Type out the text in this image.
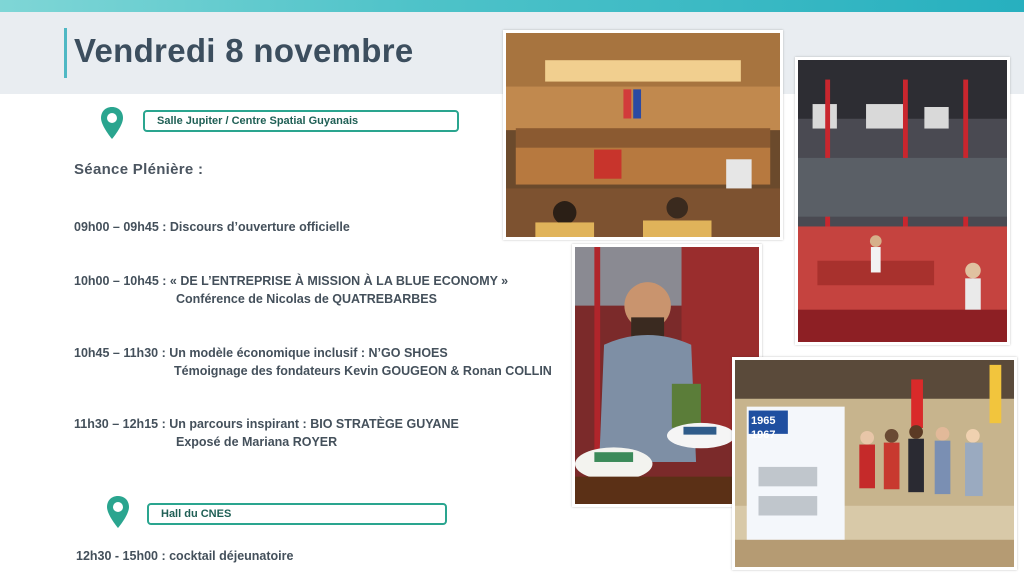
Vendredi 8 novembre
Salle Jupiter / Centre Spatial Guyanais
Séance Plénière :
09h00 – 09h45 : Discours d’ouverture officielle
10h00 – 10h45 : « DE L’ENTREPRISE À MISSION À LA BLUE ECONOMY »
Conférence de Nicolas de QUATREBARBES
10h45 – 11h30 : Un modèle économique inclusif : N’GO SHOES
Témoignage des fondateurs Kevin GOUGEON & Ronan COLLIN
11h30 – 12h15 : Un parcours inspirant : BIO STRATÈGE GUYANE
Exposé de Mariana ROYER
Hall du CNES
12h30 - 15h00 : cocktail déjeunatoire
1965
1967
